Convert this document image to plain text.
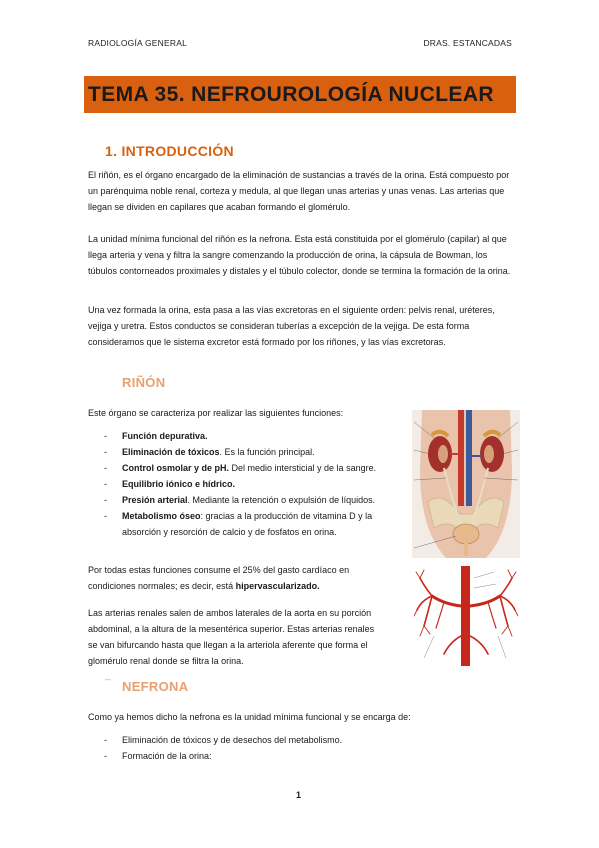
RADIOLOGÍA GENERAL	DRAS. ESTANCADAS
TEMA 35. NEFROUROLOGÍA NUCLEAR
1. INTRODUCCIÓN

El riñón, es el órgano encargado de la eliminación de sustancias a través de la orina. Está compuesto por un parénquima noble renal, corteza y medula, al que llegan unas arterias y unas venas. Las arterias que llegan se dividen en capilares que acaban formando el glomérulo.

La unidad mínima funcional del riñón es la nefrona. Esta está constituida por el glomérulo (capilar) al que llega arteria y vena y filtra la sangre comenzando la producción de orina, la cápsula de Bowman, los túbulos contorneados proximales y distales y el túbulo colector, donde se termina la formación de la orina.

Una vez formada la orina, esta pasa a las vías excretoras en el siguiente orden: pelvis renal, uréteres, vejiga y uretra. Estos conductos se consideran tuberías a excepción de la vejiga. De esta forma consideramos que le sistema excretor está formado por los riñones, y las vías excretoras.

RIÑÓN

Este órgano se caracteriza por realizar las siguientes funciones:

- Función depurativa.
- Eliminación de tóxicos. Es la función principal.
- Control osmolar y de pH. Del medio intersticial y de la sangre.
- Equilibrio iónico e hídrico.
- Presión arterial. Mediante la retención o expulsión de líquidos.
- Metabolismo óseo: gracias a la producción de vitamina D y la absorción y resorción de calcio y de fosfatos en orina.

Por todas estas funciones consume el 25% del gasto cardíaco en condiciones normales; es decir, está hipervascularizado.

Las arterias renales salen de ambos laterales de la aorta en su porción abdominal, a la altura de la mesentérica superior. Estas arterias renales se van bifurcando hasta que llegan a la arteriola aferente que forma el glomérulo renal donde se filtra la orina.

_
NEFRONA

Como ya hemos dicho la nefrona es la unidad mínima funcional y se encarga de:

- Eliminación de tóxicos y de desechos del metabolismo.
- Formación de la orina:
1
